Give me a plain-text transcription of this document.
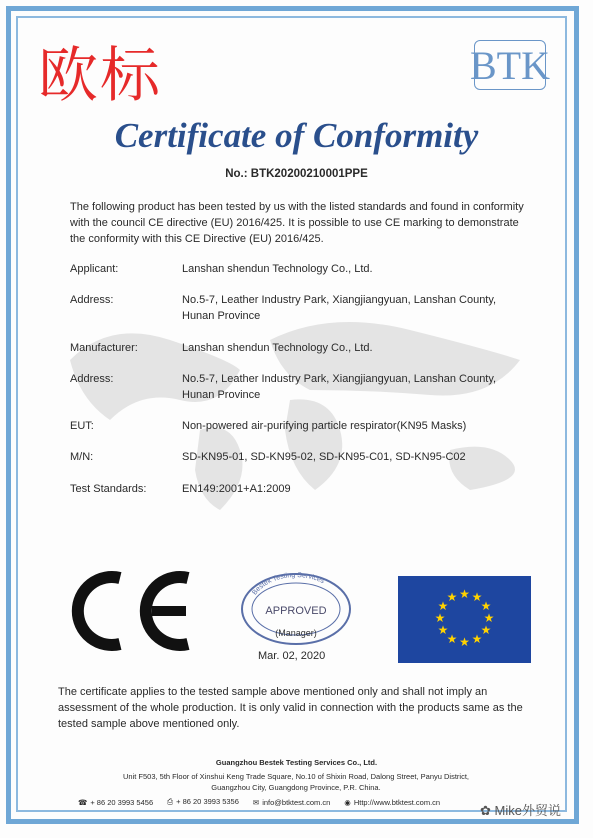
欧标	BTK
Certificate of Conformity
No.: BTK20200210001PPE
The following product has been tested by us with the listed standards and found in conformity with the council CE directive (EU) 2016/425. It is possible to use CE marking to demonstrate the conformity with this CE Directive (EU) 2016/425.
Applicant:	Lanshan shendun Technology Co., Ltd.
Address:	No.5-7, Leather Industry Park, Xiangjiangyuan, Lanshan County, Hunan Province
Manufacturer:	Lanshan shendun Technology Co., Ltd.
Address:	No.5-7, Leather Industry Park, Xiangjiangyuan, Lanshan County, Hunan Province
EUT:	Non-powered air-purifying particle respirator(KN95 Masks)
M/N:	SD-KN95-01, SD-KN95-02, SD-KN95-C01, SD-KN95-C02
Test Standards:	EN149:2001+A1:2009
Bestek Testing Services
APPROVED
(Manager)
Mar. 02, 2020
★ ★
★
★
★
★
★
★
★
★
★
★
The certificate applies to the tested sample above mentioned only and shall not imply an assessment of the whole production. It is only valid in connection with the products same as the tested sample above mentioned only.
Guangzhou Bestek Testing Services Co., Ltd.
Unit F503, 5th Floor of Xinshui Keng Trade Square, No.10 of Shixin Road, Dalong Street, Panyu District, Guangzhou City, Guangdong Province, P.R. China.
☎ + 86 20 3993 5456 ⎙ + 86 20 3993 5356 ✉ info@btktest.com.cn ◉ Http://www.btktest.com.cn
✿ Mike外贸说
